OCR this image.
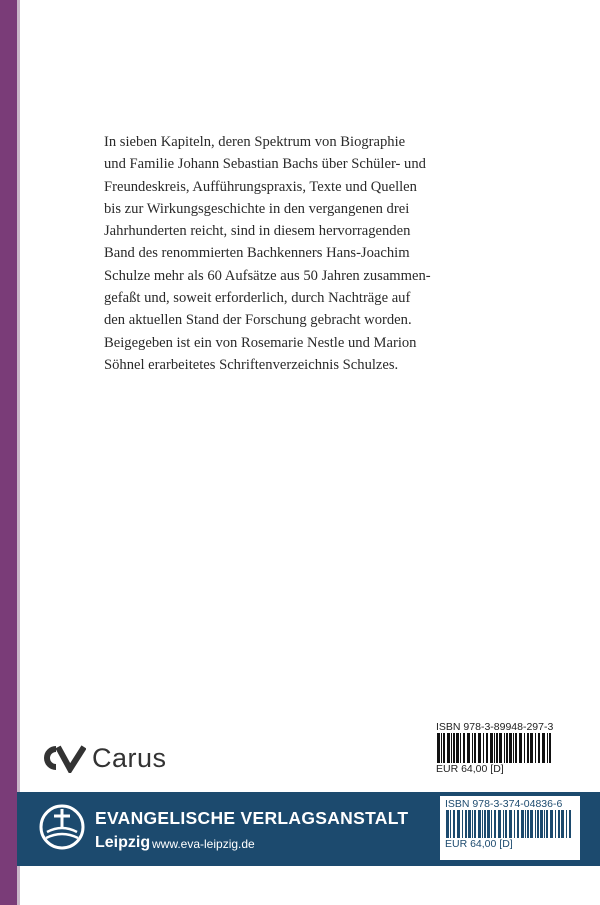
In sieben Kapiteln, deren Spektrum von Biographie
und Familie Johann Sebastian Bachs über Schüler- und
Freundeskreis, Aufführungspraxis, Texte und Quellen
bis zur Wirkungsgeschichte in den vergangenen drei
Jahrhunderten reicht, sind in diesem hervorragenden
Band des renommierten Bachkenners Hans-Joachim
Schulze mehr als 60 Aufsätze aus 50 Jahren zusammen-
gefaßt und, soweit erforderlich, durch Nachträge auf
den aktuellen Stand der Forschung gebracht worden.
Beigegeben ist ein von Rosemarie Nestle und Marion
Söhnel erarbeitetes Schriftenverzeichnis Schulzes.
Carus
ISBN 978-3-89948-297-3
EUR 64,00 [D]
EVANGELISCHE VERLAGSANSTALT
Leipzig www.eva-leipzig.de
ISBN 978-3-374-04836-6
EUR 64,00 [D]
